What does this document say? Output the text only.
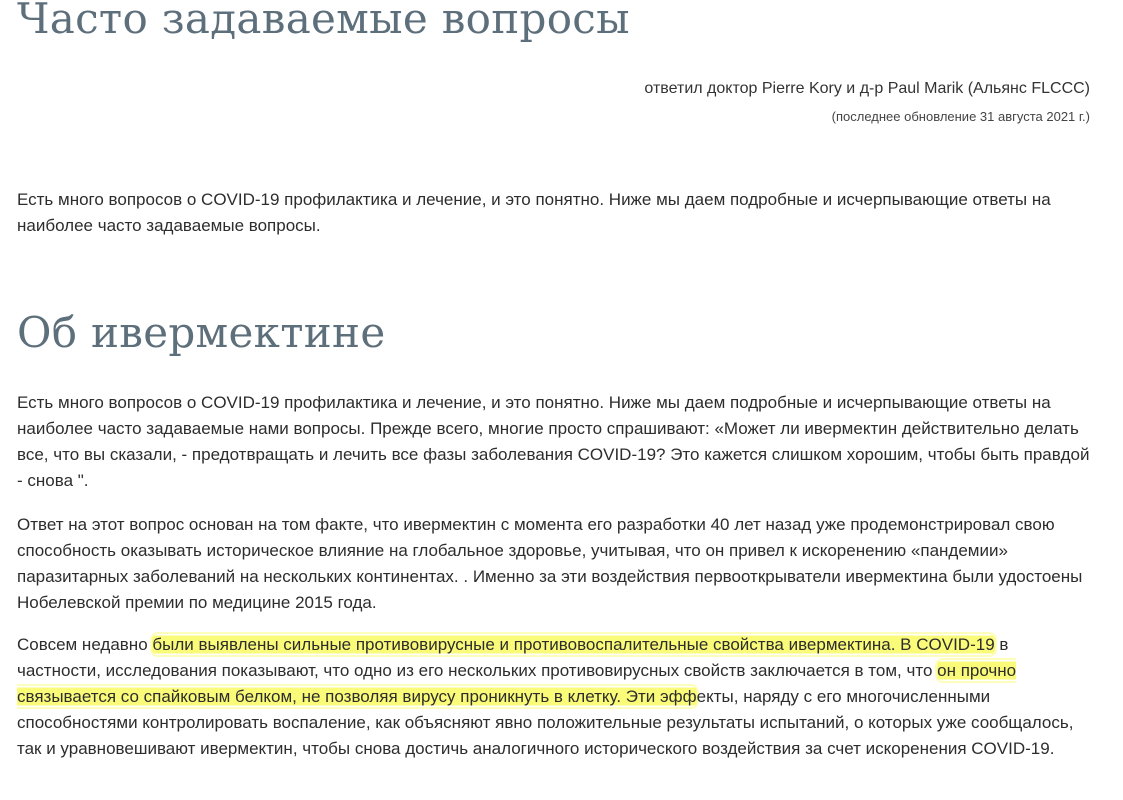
Часто задаваемые вопросы
ответил доктор Pierre Kory и д-р Paul Marik (Альянс FLCCC)
(последнее обновление 31 августа 2021 г.)

Есть много вопросов о COVID-19 профилактика и лечение, и это понятно. Ниже мы даем подробные и исчерпывающие ответы на наиболее часто задаваемые вопросы.

Об ивермектине

Есть много вопросов о COVID-19 профилактика и лечение, и это понятно. Ниже мы даем подробные и исчерпывающие ответы на наиболее часто задаваемые нами вопросы. Прежде всего, многие просто спрашивают: «Может ли ивермектин действительно делать все, что вы сказали, - предотвращать и лечить все фазы заболевания COVID-19? Это кажется слишком хорошим, чтобы быть правдой - снова ".

Ответ на этот вопрос основан на том факте, что ивермектин с момента его разработки 40 лет назад уже продемонстрировал свою способность оказывать историческое влияние на глобальное здоровье, учитывая, что он привел к искоренению «пандемии» паразитарных заболеваний на нескольких континентах. . Именно за эти воздействия первооткрыватели ивермектина были удостоены Нобелевской премии по медицине 2015 года.

Совсем недавно были выявлены сильные противовирусные и противовоспалительные свойства ивермектина. В COVID-19 в частности, исследования показывают, что одно из его нескольких противовирусных свойств заключается в том, что он прочно связывается со спайковым белком, не позволяя вирусу проникнуть в клетку. Эти эффекты, наряду с его многочисленными способностями контролировать воспаление, как объясняют явно положительные результаты испытаний, о которых уже сообщалось, так и уравновешивают ивермектин, чтобы снова достичь аналогичного исторического воздействия за счет искоренения COVID-19.
